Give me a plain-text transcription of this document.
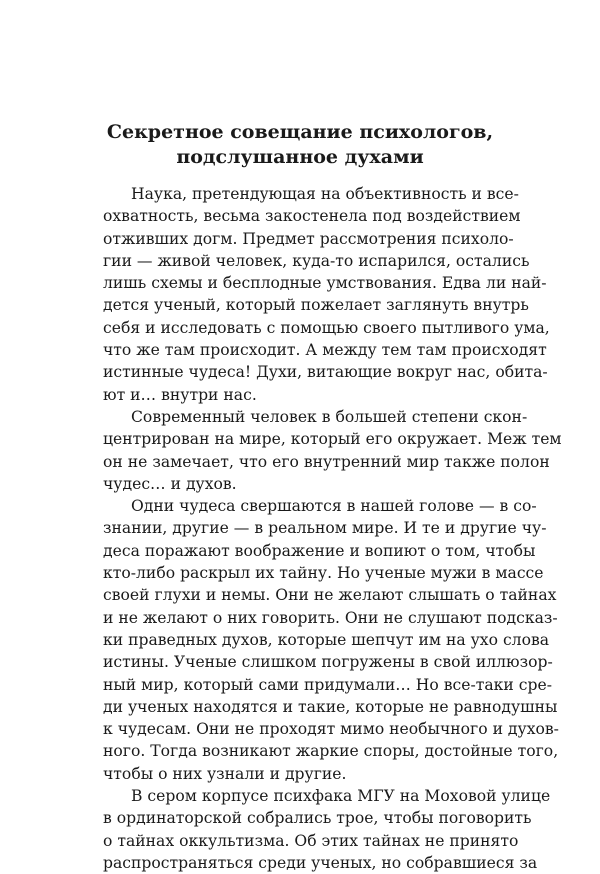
Секретное совещание психологов,
подслушанное духами
Наука, претендующая на объективность и все-
охватность, весьма закостенела под воздействием
отживших догм. Предмет рассмотрения психоло-
гии — живой человек, куда-то испарился, остались
лишь схемы и бесплодные умствования. Едва ли най-
дется ученый, который пожелает заглянуть внутрь
себя и исследовать с помощью своего пытливого ума,
что же там происходит. А между тем там происходят
истинные чудеса! Духи, витающие вокруг нас, обита-
ют и… внутри нас.
Современный человек в большей степени скон-
центрирован на мире, который его окружает. Меж тем
он не замечает, что его внутренний мир также полон
чудес… и духов.
Одни чудеса свершаются в нашей голове — в со-
знании, другие — в реальном мире. И те и другие чу-
деса поражают воображение и вопиют о том, чтобы
кто-либо раскрыл их тайну. Но ученые мужи в массе
своей глухи и немы. Они не желают слышать о тайнах
и не желают о них говорить. Они не слушают подсказ-
ки праведных духов, которые шепчут им на ухо слова
истины. Ученые слишком погружены в свой иллюзор-
ный мир, который сами придумали… Но все-таки сре-
ди ученых находятся и такие, которые не равнодушны
к чудесам. Они не проходят мимо необычного и духов-
ного. Тогда возникают жаркие споры, достойные того,
чтобы о них узнали и другие.
В сером корпусе психфака МГУ на Моховой улице
в ординаторской собрались трое, чтобы поговорить
о тайнах оккультизма. Об этих тайнах не принято
распространяться среди ученых, но собравшиеся за
